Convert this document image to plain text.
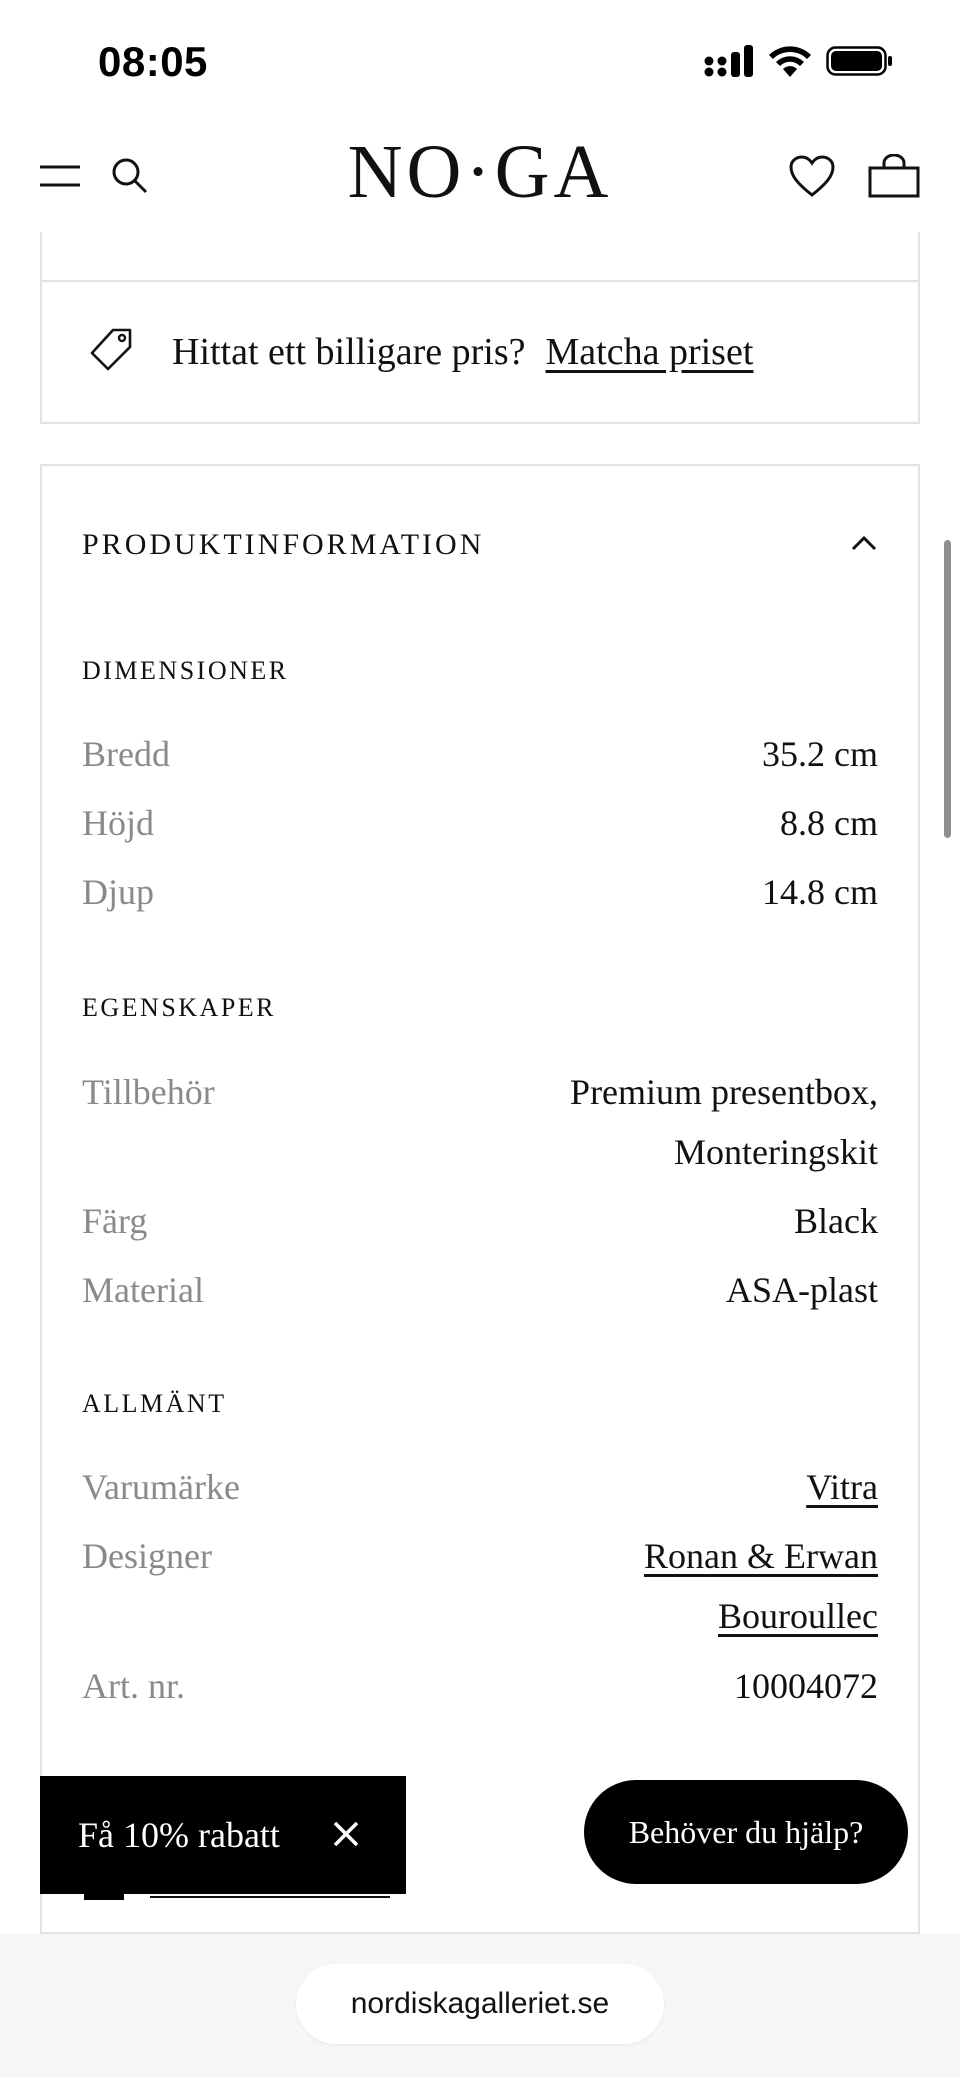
08:05
NO·GA
Hittat ett billigare pris? Matcha priset
PRODUKTINFORMATION
DIMENSIONER
Bredd	35.2 cm
Höjd	8.8 cm
Djup	14.8 cm
EGENSKAPER
Tillbehör	Premium presentbox,
Monteringskit
Färg	Black
Material	ASA-plast
ALLMÄNT
Varumärke	Vitra
Designer	Ronan & Erwan
Bouroullec
Art. nr.	10004072
Få 10% rabatt	Behöver du hjälp?
nordiskagalleriet.se
